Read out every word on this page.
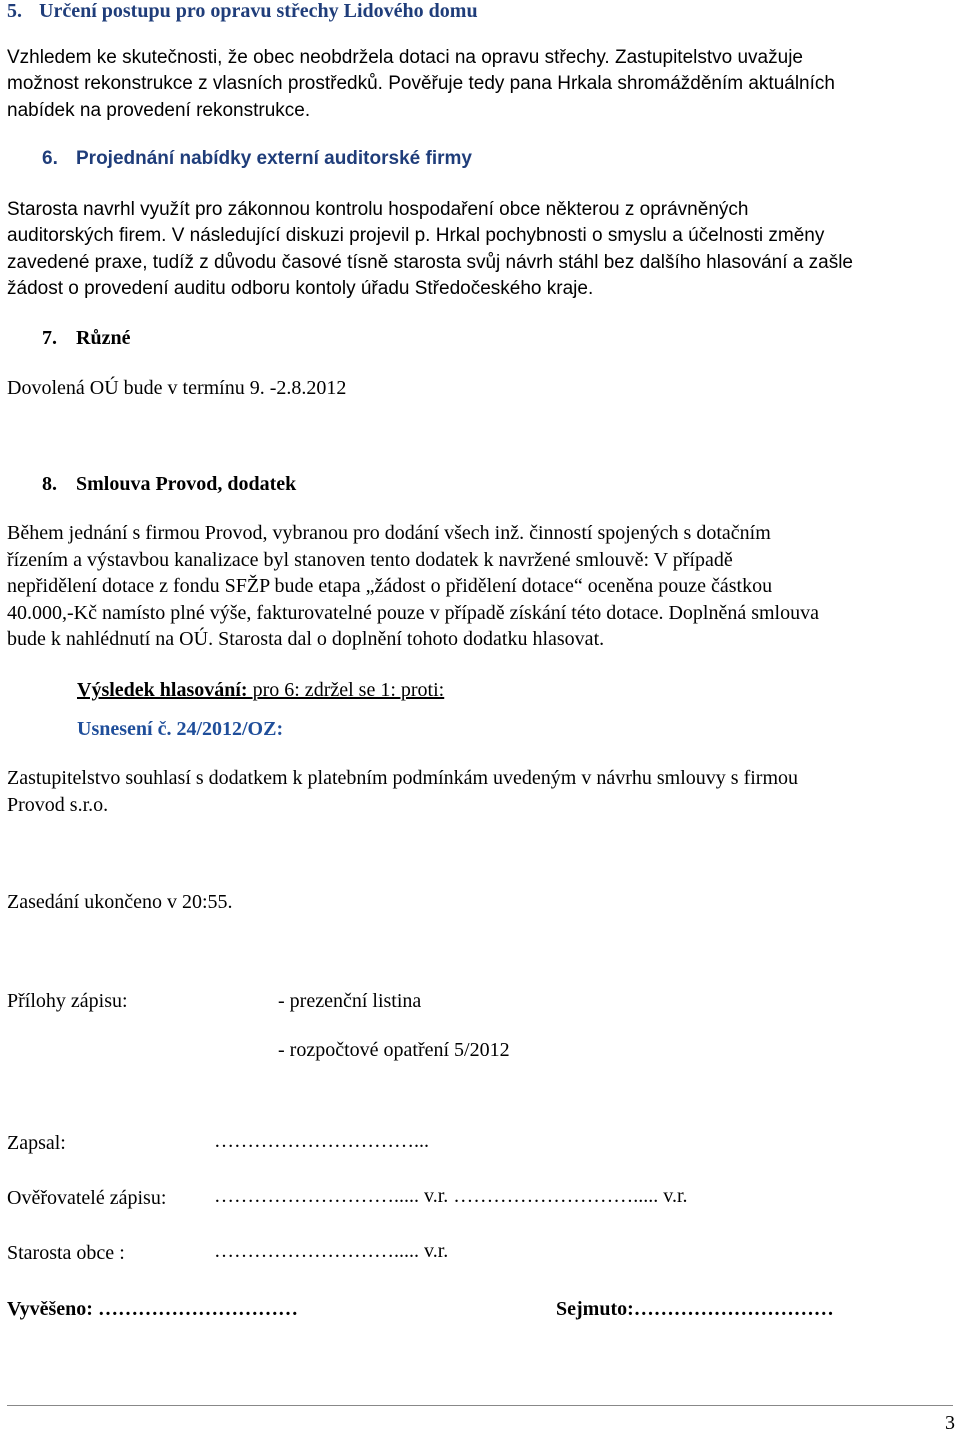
5. Určení postupu pro opravu střechy Lidového domu
Vzhledem ke skutečnosti, že obec neobdržela dotaci na opravu střechy. Zastupitelstvo uvažuje
možnost rekonstrukce z vlasních prostředků. Pověřuje tedy pana Hrkala shromážděním aktuálních
nabídek na provedení rekonstrukce.
6. Projednání nabídky externí auditorské firmy
Starosta navrhl využít pro zákonnou kontrolu hospodaření obce některou z oprávněných
auditorských firem. V následující diskuzi projevil p. Hrkal pochybnosti o smyslu a účelnosti změny
zavedené praxe, tudíž z důvodu časové tísně starosta svůj návrh stáhl bez dalšího hlasování a zašle
žádost o provedení auditu odboru kontoly úřadu Středočeského kraje.
7. Různé
Dovolená OÚ bude v termínu 9. -2.8.2012
8. Smlouva Provod, dodatek
Během jednání s firmou Provod, vybranou pro dodání všech inž. činností spojených s dotačním
řízením a výstavbou kanalizace byl stanoven tento dodatek k navržené smlouvě: V případě
nepřidělení dotace z fondu SFŽP bude etapa „žádost o přidělení dotace“ oceněna pouze částkou
40.000,-Kč namísto plné výše, fakturovatelné pouze v případě získání této dotace. Doplněná smlouva
bude k nahlédnutí na OÚ. Starosta dal o doplnění tohoto dodatku hlasovat.
Výsledek hlasování: pro 6: zdržel se 1: proti:
Usnesení č. 24/2012/OZ:
Zastupitelstvo souhlasí s dodatkem k platebním podmínkám uvedeným v návrhu smlouvy s firmou
Provod s.r.o.
Zasedání ukončeno v 20:55.
Přílohy zápisu:	- prezenční listina
- rozpočtové opatření 5/2012
Zapsal:	…………………………...
Ověřovatelé zápisu: ………………………..... v.r. ………………………..... v.r.
Starosta obce :	………………………..... v.r.
Vyvěšeno: …………………………	Sejmuto:…………………………
3
